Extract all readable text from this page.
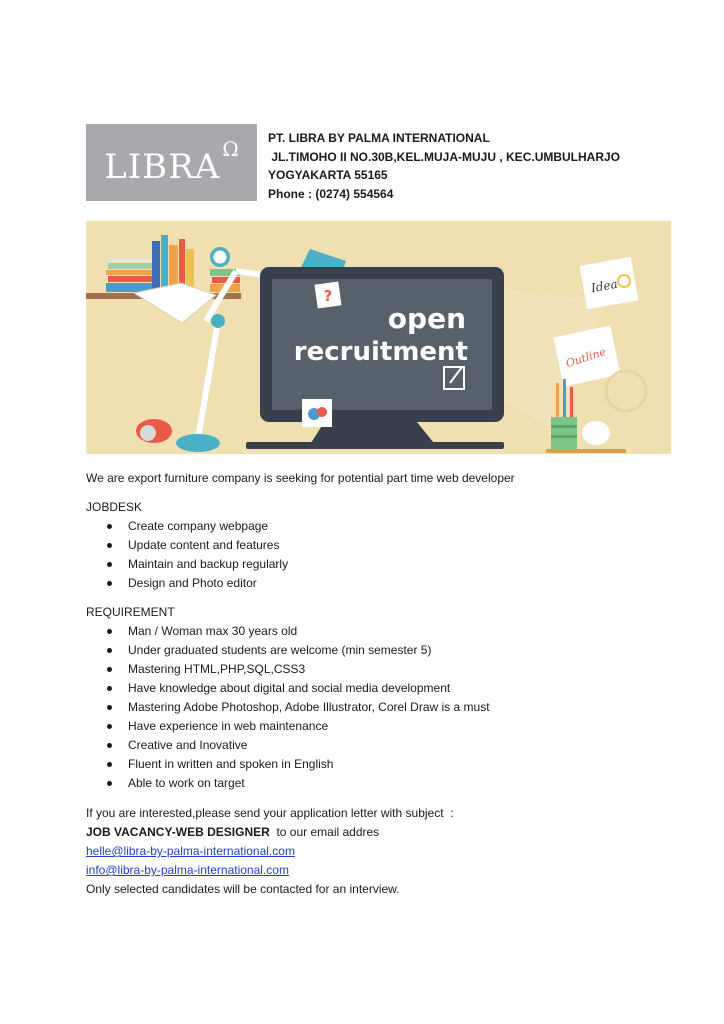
LIBRA Ω PT. LIBRA BY PALMA INTERNATIONAL
JL.TIMOHO II NO.30B,KEL.MUJA-MUJU , KEC.UMBULHARJO
YOGYAKARTA 55165
Phone : (0274) 554564
open
recruitment
?
Idea
Outline
We are export furniture company is seeking for potential part time web developer
JOBDESK
Create company webpage
Update content and features
Maintain and backup regularly
Design and Photo editor
REQUIREMENT
Man / Woman max 30 years old
Under graduated students are welcome (min semester 5)
Mastering HTML,PHP,SQL,CSS3
Have knowledge about digital and social media development
Mastering Adobe Photoshop, Adobe Illustrator, Corel Draw is a must
Have experience in web maintenance
Creative and Inovative
Fluent in written and spoken in English
Able to work on target
If you are interested,please send your application letter with subject  :
JOB VACANCY-WEB DESIGNER  to our email addres
helle@libra-by-palma-international.com
info@libra-by-palma-international.com
Only selected candidates will be contacted for an interview.
